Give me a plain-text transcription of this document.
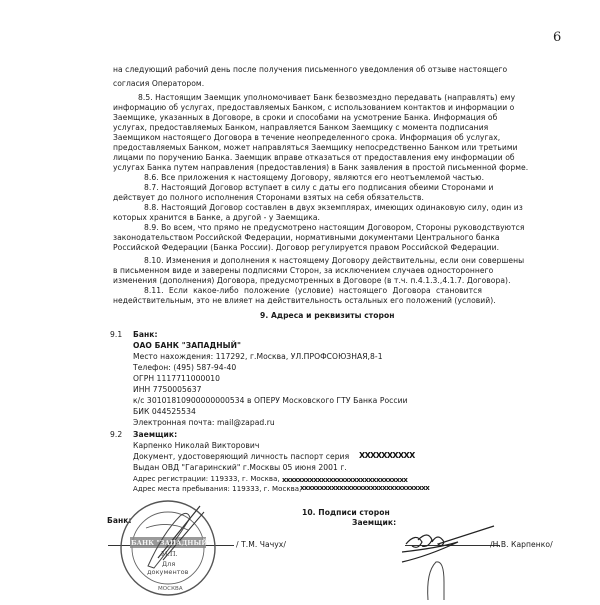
6
на следующий рабочий день после получения письменного уведомления об отзыве настоящего
согласия Оператором.
8.5. Настоящим Заемщик уполномочивает Банк безвозмездно передавать (направлять) ему
информацию об услугах, предоставляемых Банком, с использованием контактов и информации о
Заемщике, указанных в Договоре, в сроки и способами на усмотрение Банка. Информация об
услугах, предоставляемых Банком, направляется Банком Заемщику с момента подписания
Заемщиком настоящего Договора в течение неопределенного срока. Информация об услугах,
предоставляемых Банком, может направляться Заемщику непосредственно Банком или третьими
лицами по поручению Банка. Заемщик вправе отказаться от предоставления ему информации об
услугах Банка путем направления (предоставления) в Банк заявления в простой письменной форме.
8.6. Все приложения к настоящему Договору, являются его неотъемлемой частью.
8.7. Настоящий Договор вступает в силу с даты его подписания обеими Сторонами и
действует до полного исполнения Сторонами взятых на себя обязательств.
8.8. Настоящий Договор составлен в двух экземплярах, имеющих одинаковую силу, один из
которых хранится в Банке, а другой - у Заемщика.
8.9. Во всем, что прямо не предусмотрено настоящим Договором, Стороны руководствуются
законодательством Российской Федерации, нормативными документами Центрального банка
Российской Федерации (Банка России). Договор регулируется правом Российской Федерации.
8.10. Изменения и дополнения к настоящему Договору действительны, если они совершены
в письменном виде и заверены подписями Сторон, за исключением случаев одностороннего
изменения (дополнения) Договора, предусмотренных в Договоре (в т.ч. п.4.1.3.,4.1.7. Договора).
8.11. Если какое-либо положение (условие) настоящего Договора становится
недействительным, это не влияет на действительность остальных его положений (условий).
9. Адреса и реквизиты сторон
9.1 Банк:
ОАО БАНК "ЗАПАДНЫЙ"
Место нахождения: 117292, г.Москва, УЛ.ПРОФСОЮЗНАЯ,8-1
Телефон: (495) 587-94-40
ОГРН 1117711000010
ИНН 7750005637
к/с 30101810900000000534 в ОПЕРУ Московского ГТУ Банка России
БИК 044525534
Электронная почта: mail@zapad.ru
9.2 Заемщик:
Карпенко Николай Викторович
Документ, удостоверяющий личность паспорт серия XXXXXXXXXX
Выдан ОВД "Гагаринский" г.Москвы 05 июня 2001 г.
Адрес регистрации: 119333, г. Москва, xxxxxxxxxxxxxxxxxxxxxxxxxxxxxxxx
Адрес места пребывания: 119333, г. Москва,
xxxxxxxxxxxxxxxxxxxxxxxxxxxxxxxxx
10. Подписи сторон
Банк:	Заемщик:
/ Т.М. Чачух/	/Н.В. Карпенко/
БАНК "ЗАПАДНЫЙ"
М.П.
Для
документов
МОСКВА
